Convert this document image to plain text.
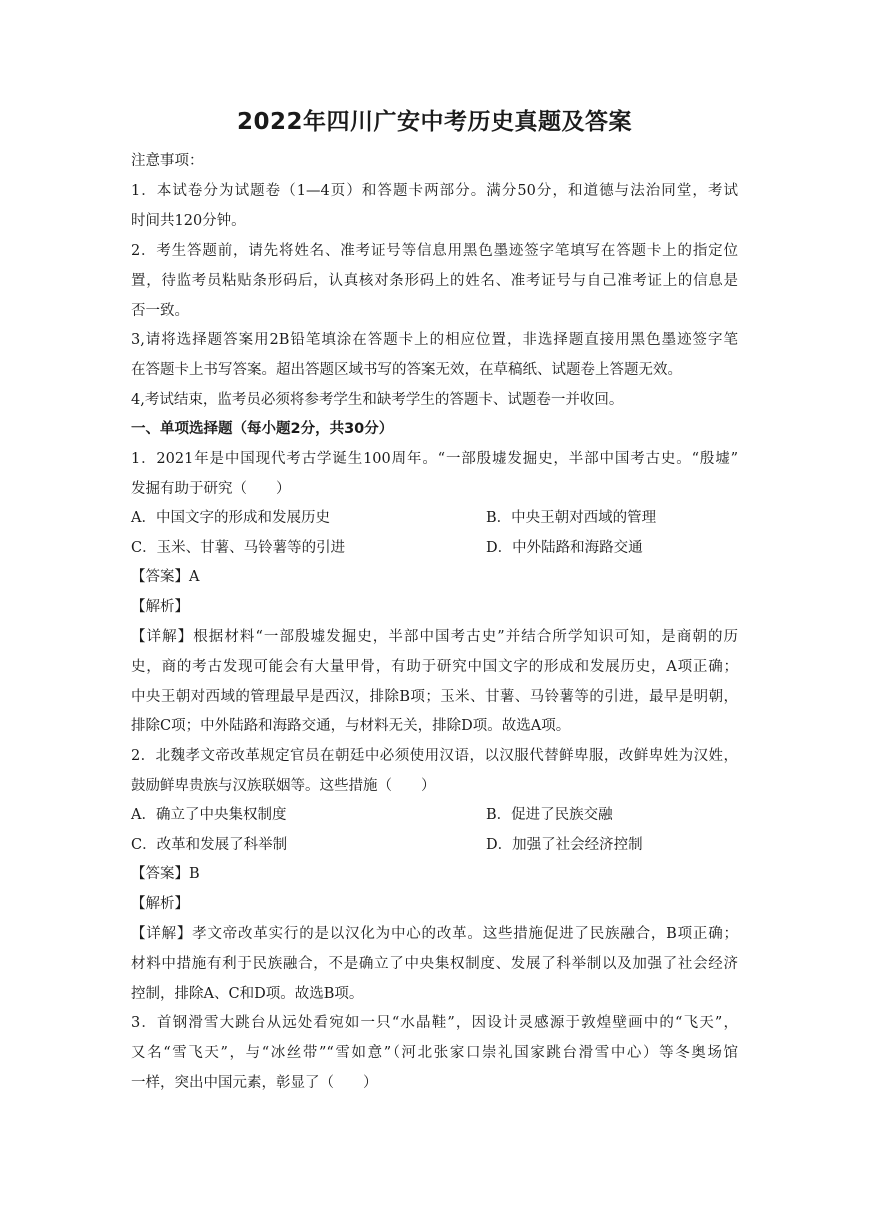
2022年四川广安中考历史真题及答案
注意事项：
1．本试卷分为试题卷（1—4页）和答题卡两部分。满分50分，和道德与法治同堂，考试
时间共120分钟。
2．考生答题前，请先将姓名、准考证号等信息用黑色墨迹签字笔填写在答题卡上的指定位
置，待监考员粘贴条形码后，认真核对条形码上的姓名、准考证号与自己准考证上的信息是
否一致。
3,请将选择题答案用2B铅笔填涂在答题卡上的相应位置，非选择题直接用黑色墨迹签字笔
在答题卡上书写答案。超出答题区域书写的答案无效，在草稿纸、试题卷上答题无效。
4,考试结束，监考员必须将参考学生和缺考学生的答题卡、试题卷一并收回。
一、单项选择题（每小题2分，共30分）
1．2021年是中国现代考古学诞生100周年。“一部殷墟发掘史，半部中国考古史。“殷墟”
发掘有助于研究（　　）
A．中国文字的形成和发展历史	B．中央王朝对西域的管理
C．玉米、甘薯、马铃薯等的引进	D．中外陆路和海路交通
【答案】A
【解析】
【详解】根据材料“一部殷墟发掘史，半部中国考古史”并结合所学知识可知，是商朝的历
史，商的考古发现可能会有大量甲骨，有助于研究中国文字的形成和发展历史，A项正确；
中央王朝对西域的管理最早是西汉，排除B项；玉米、甘薯、马铃薯等的引进，最早是明朝，
排除C项；中外陆路和海路交通，与材料无关，排除D项。故选A项。
2．北魏孝文帝改革规定官员在朝廷中必须使用汉语，以汉服代替鲜卑服，改鲜卑姓为汉姓，
鼓励鲜卑贵族与汉族联姻等。这些措施（　　）
A．确立了中央集权制度	B．促进了民族交融
C．改革和发展了科举制	D．加强了社会经济控制
【答案】B
【解析】
【详解】孝文帝改革实行的是以汉化为中心的改革。这些措施促进了民族融合，B项正确；
材料中措施有利于民族融合，不是确立了中央集权制度、发展了科举制以及加强了社会经济
控制，排除A、C和D项。故选B项。
3．首钢滑雪大跳台从远处看宛如一只“水晶鞋”，因设计灵感源于敦煌壁画中的“飞天”，
又名“雪飞天”，与“冰丝带”“雪如意”（河北张家口崇礼国家跳台滑雪中心）等冬奥场馆
一样，突出中国元素，彰显了（　　）
